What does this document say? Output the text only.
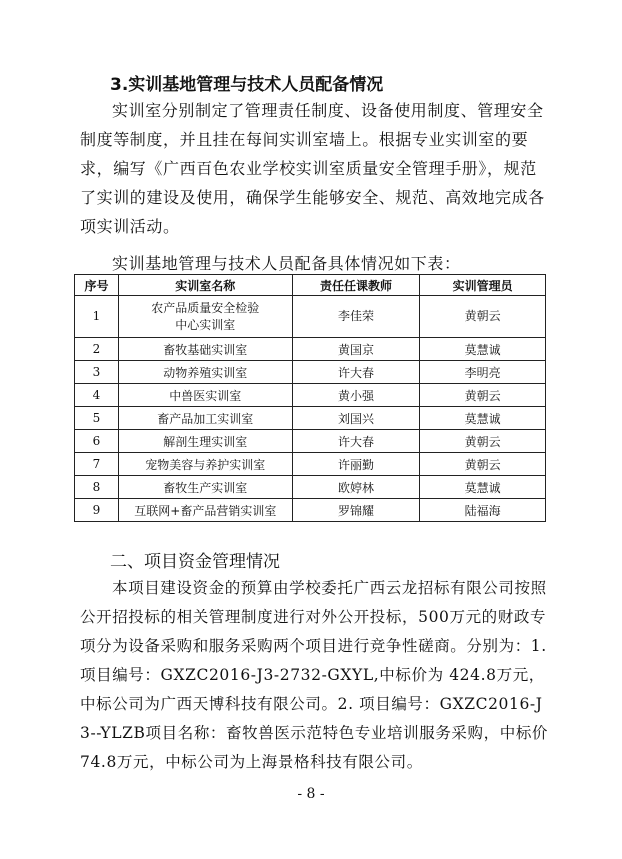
3.实训基地管理与技术人员配备情况
实训室分别制定了管理责任制度、设备使用制度、管理安全制度等制度，并且挂在每间实训室墙上。根据专业实训室的要求，编写《广西百色农业学校实训室质量安全管理手册》，规范了实训的建设及使用，确保学生能够安全、规范、高效地完成各项实训活动。
实训基地管理与技术人员配备具体情况如下表：
序号	实训室名称	责任任课教师	实训管理员
1	农产品质量安全检验中心实训室	李佳荣	黄朝云
2	畜牧基础实训室	黄国京	莫慧诚
3	动物养殖实训室	许大春	李明亮
4	中兽医实训室	黄小强	黄朝云
5	畜产品加工实训室	刘国兴	莫慧诚
6	解剖生理实训室	许大春	黄朝云
7	宠物美容与养护实训室	许丽勤	黄朝云
8	畜牧生产实训室	欧婷林	莫慧诚
9	互联网+畜产品营销实训室	罗锦耀	陆福海
二、项目资金管理情况
本项目建设资金的预算由学校委托广西云龙招标有限公司按照公开招投标的相关管理制度进行对外公开投标，500万元的财政专项分为设备采购和服务采购两个项目进行竞争性磋商。分别为：1.项目编号：GXZC2016-J3-2732-GXYL,中标价为 424.8万元，中标公司为广西天博科技有限公司。2. 项目编号：GXZC2016-J3--YLZB项目名称：畜牧兽医示范特色专业培训服务采购，中标价 74.8万元，中标公司为上海景格科技有限公司。
- 8 -
